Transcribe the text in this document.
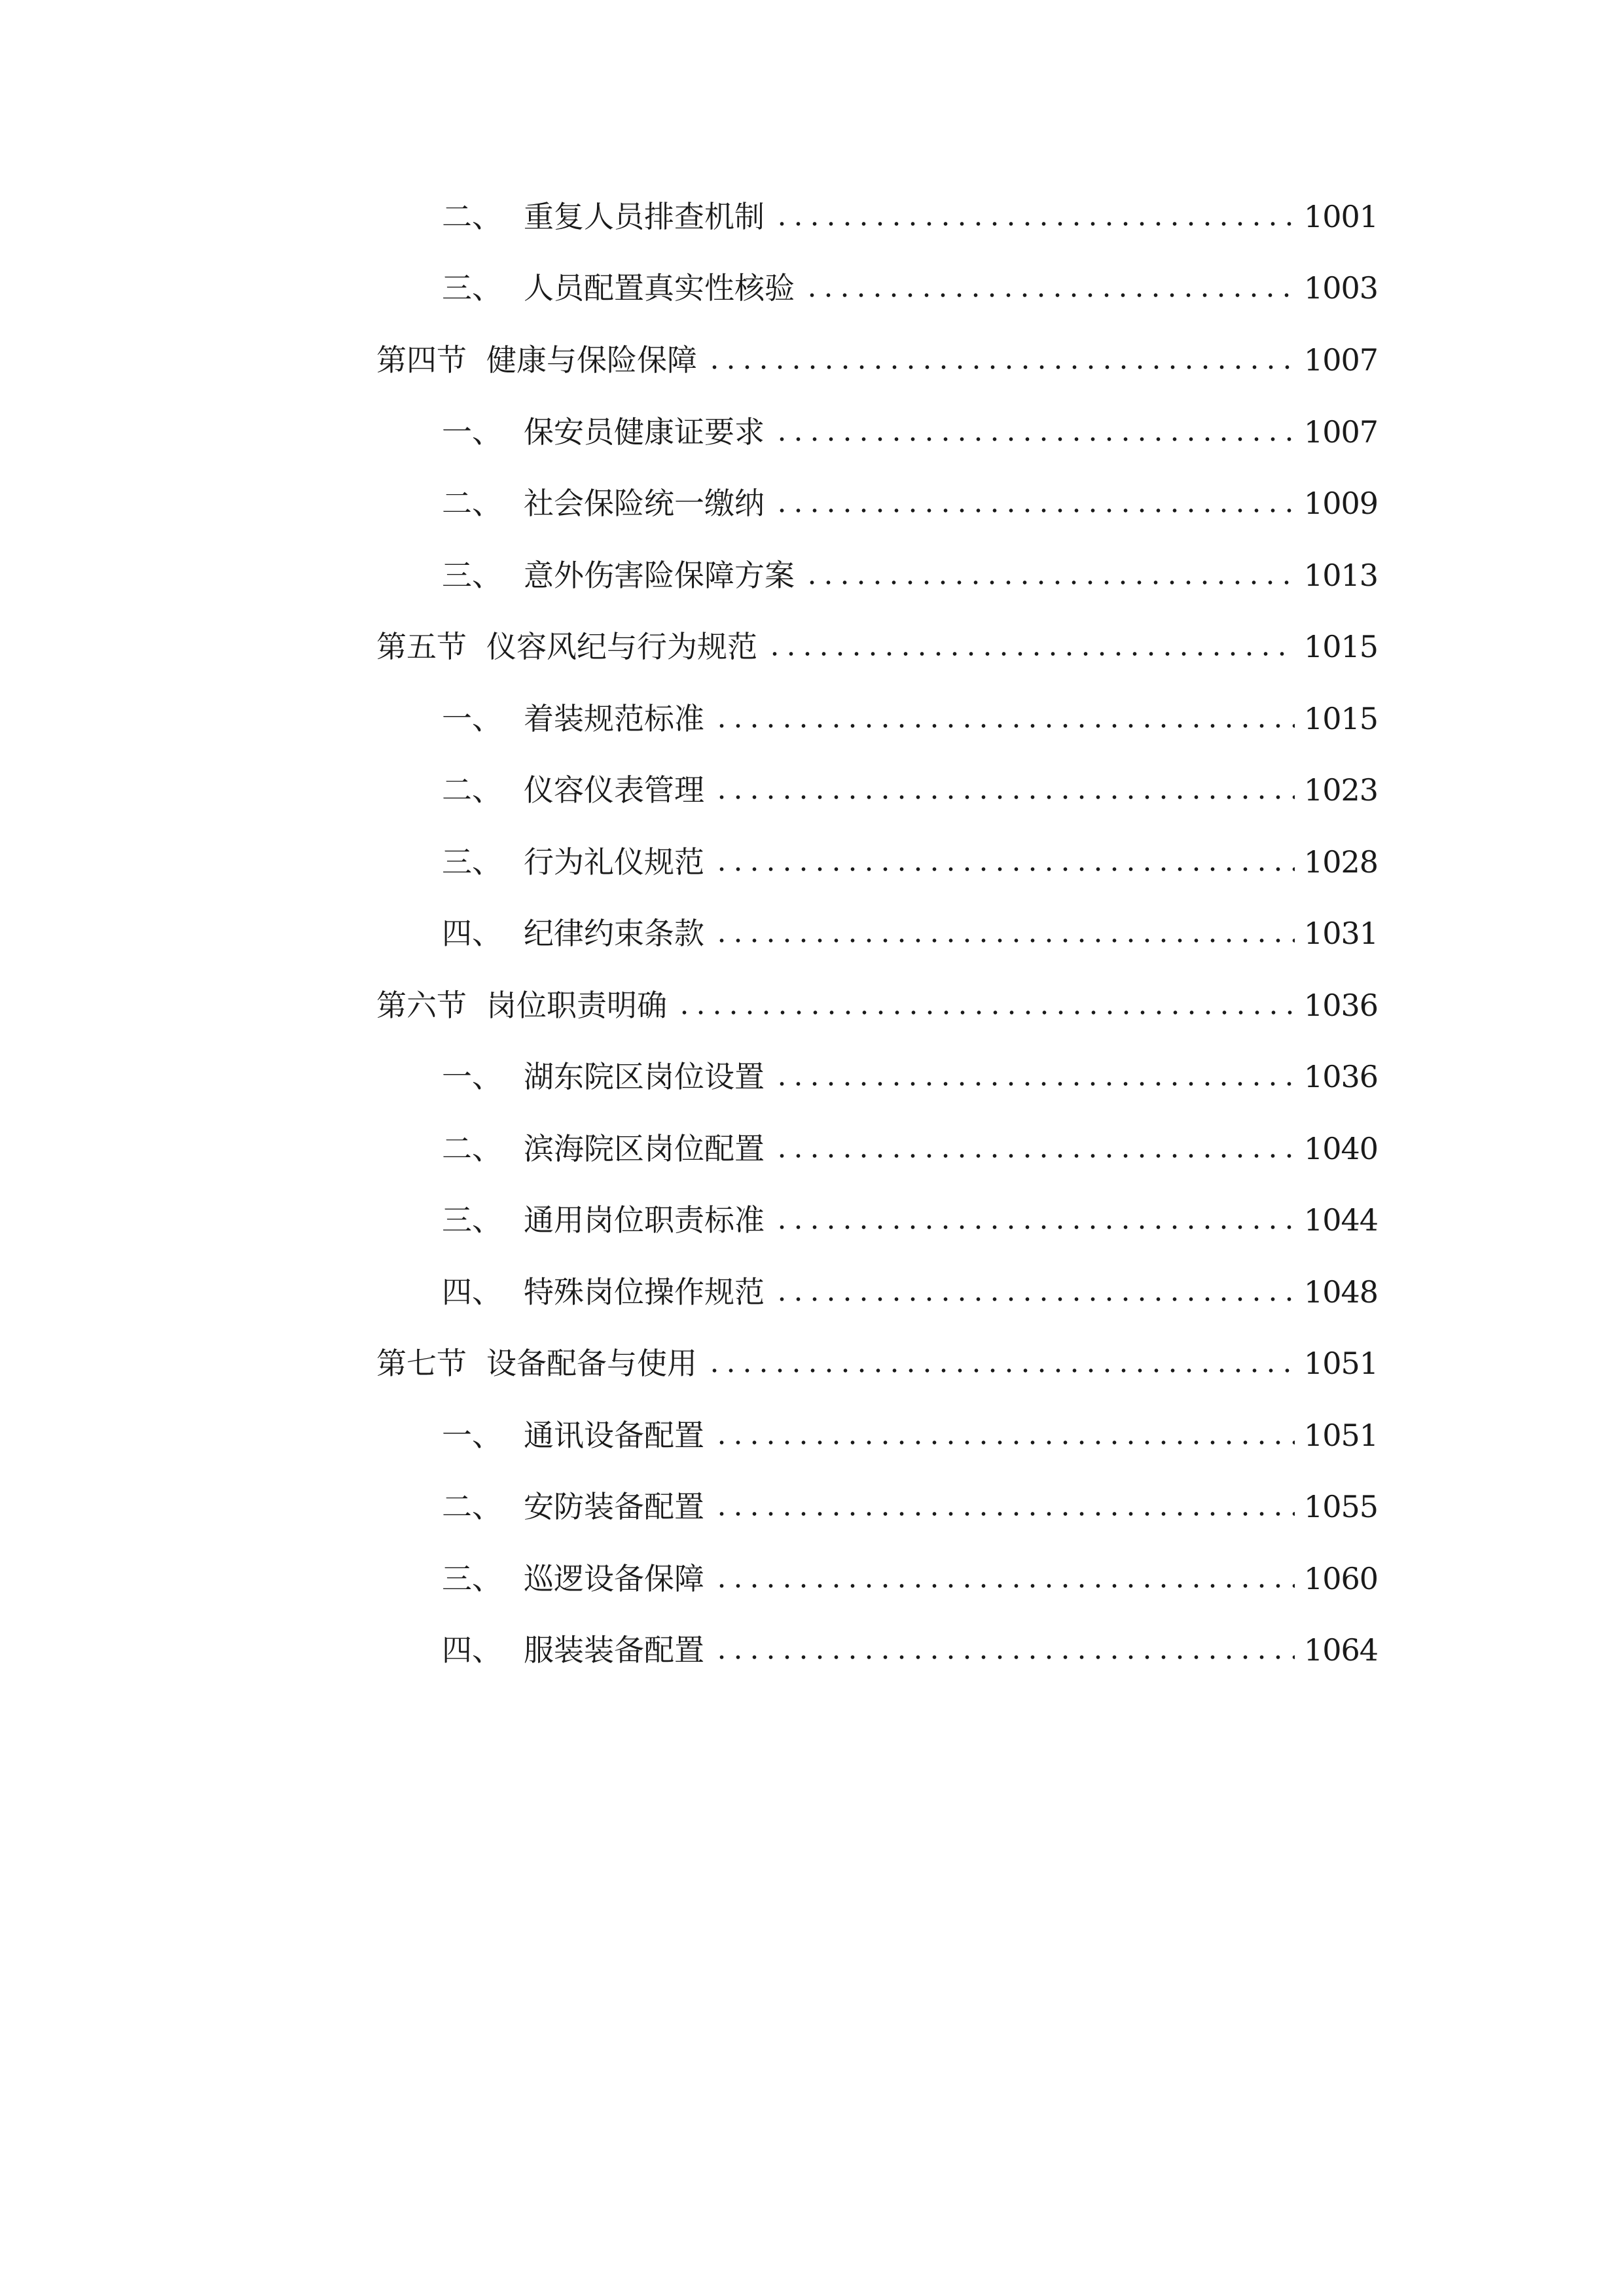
二、 重复人员排查机制	1001
三、 人员配置真实性核验	1003
第四节 健康与保险保障	1007
一、 保安员健康证要求	1007
二、 社会保险统一缴纳	1009
三、 意外伤害险保障方案	1013
第五节 仪容风纪与行为规范	1015
一、 着装规范标准	1015
二、 仪容仪表管理	1023
三、 行为礼仪规范	1028
四、 纪律约束条款	1031
第六节 岗位职责明确	1036
一、 湖东院区岗位设置	1036
二、 滨海院区岗位配置	1040
三、 通用岗位职责标准	1044
四、 特殊岗位操作规范	1048
第七节 设备配备与使用	1051
一、 通讯设备配置	1051
二、 安防装备配置	1055
三、 巡逻设备保障	1060
四、 服装装备配置	1064
